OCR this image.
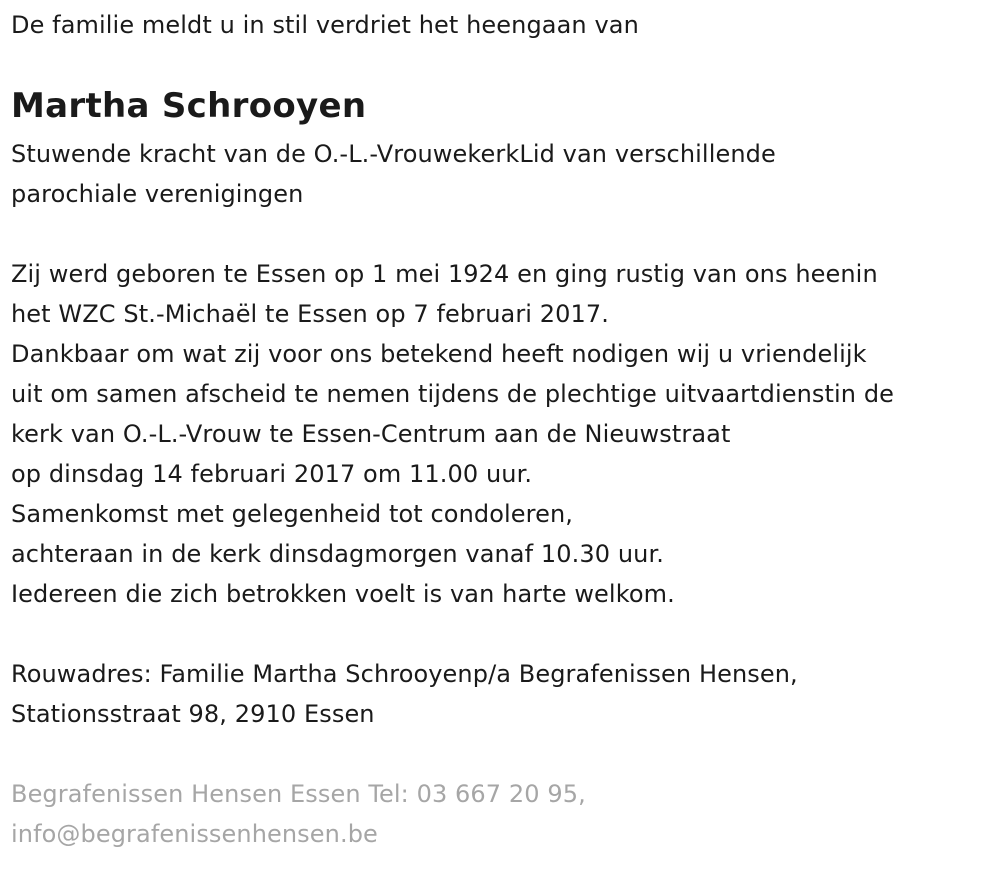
De familie meldt u in stil verdriet het heengaan van
Martha Schrooyen
Stuwende kracht van de O.-L.-VrouwekerkLid van verschillende
parochiale verenigingen
Zij werd geboren te Essen op 1 mei 1924 en ging rustig van ons heenin
het WZC St.-Michaël te Essen op 7 februari 2017.
Dankbaar om wat zij voor ons betekend heeft nodigen wij u vriendelijk
uit om samen afscheid te nemen tijdens de plechtige uitvaartdienstin de
kerk van O.-L.-Vrouw te Essen-Centrum aan de Nieuwstraat
op dinsdag 14 februari 2017 om 11.00 uur.
Samenkomst met gelegenheid tot condoleren,
achteraan in de kerk dinsdagmorgen vanaf 10.30 uur.
Iedereen die zich betrokken voelt is van harte welkom.
Rouwadres: Familie Martha Schrooyenp/a Begrafenissen Hensen,
Stationsstraat 98, 2910 Essen
Begrafenissen Hensen Essen Tel: 03 667 20 95,
info@begrafenissenhensen.be
